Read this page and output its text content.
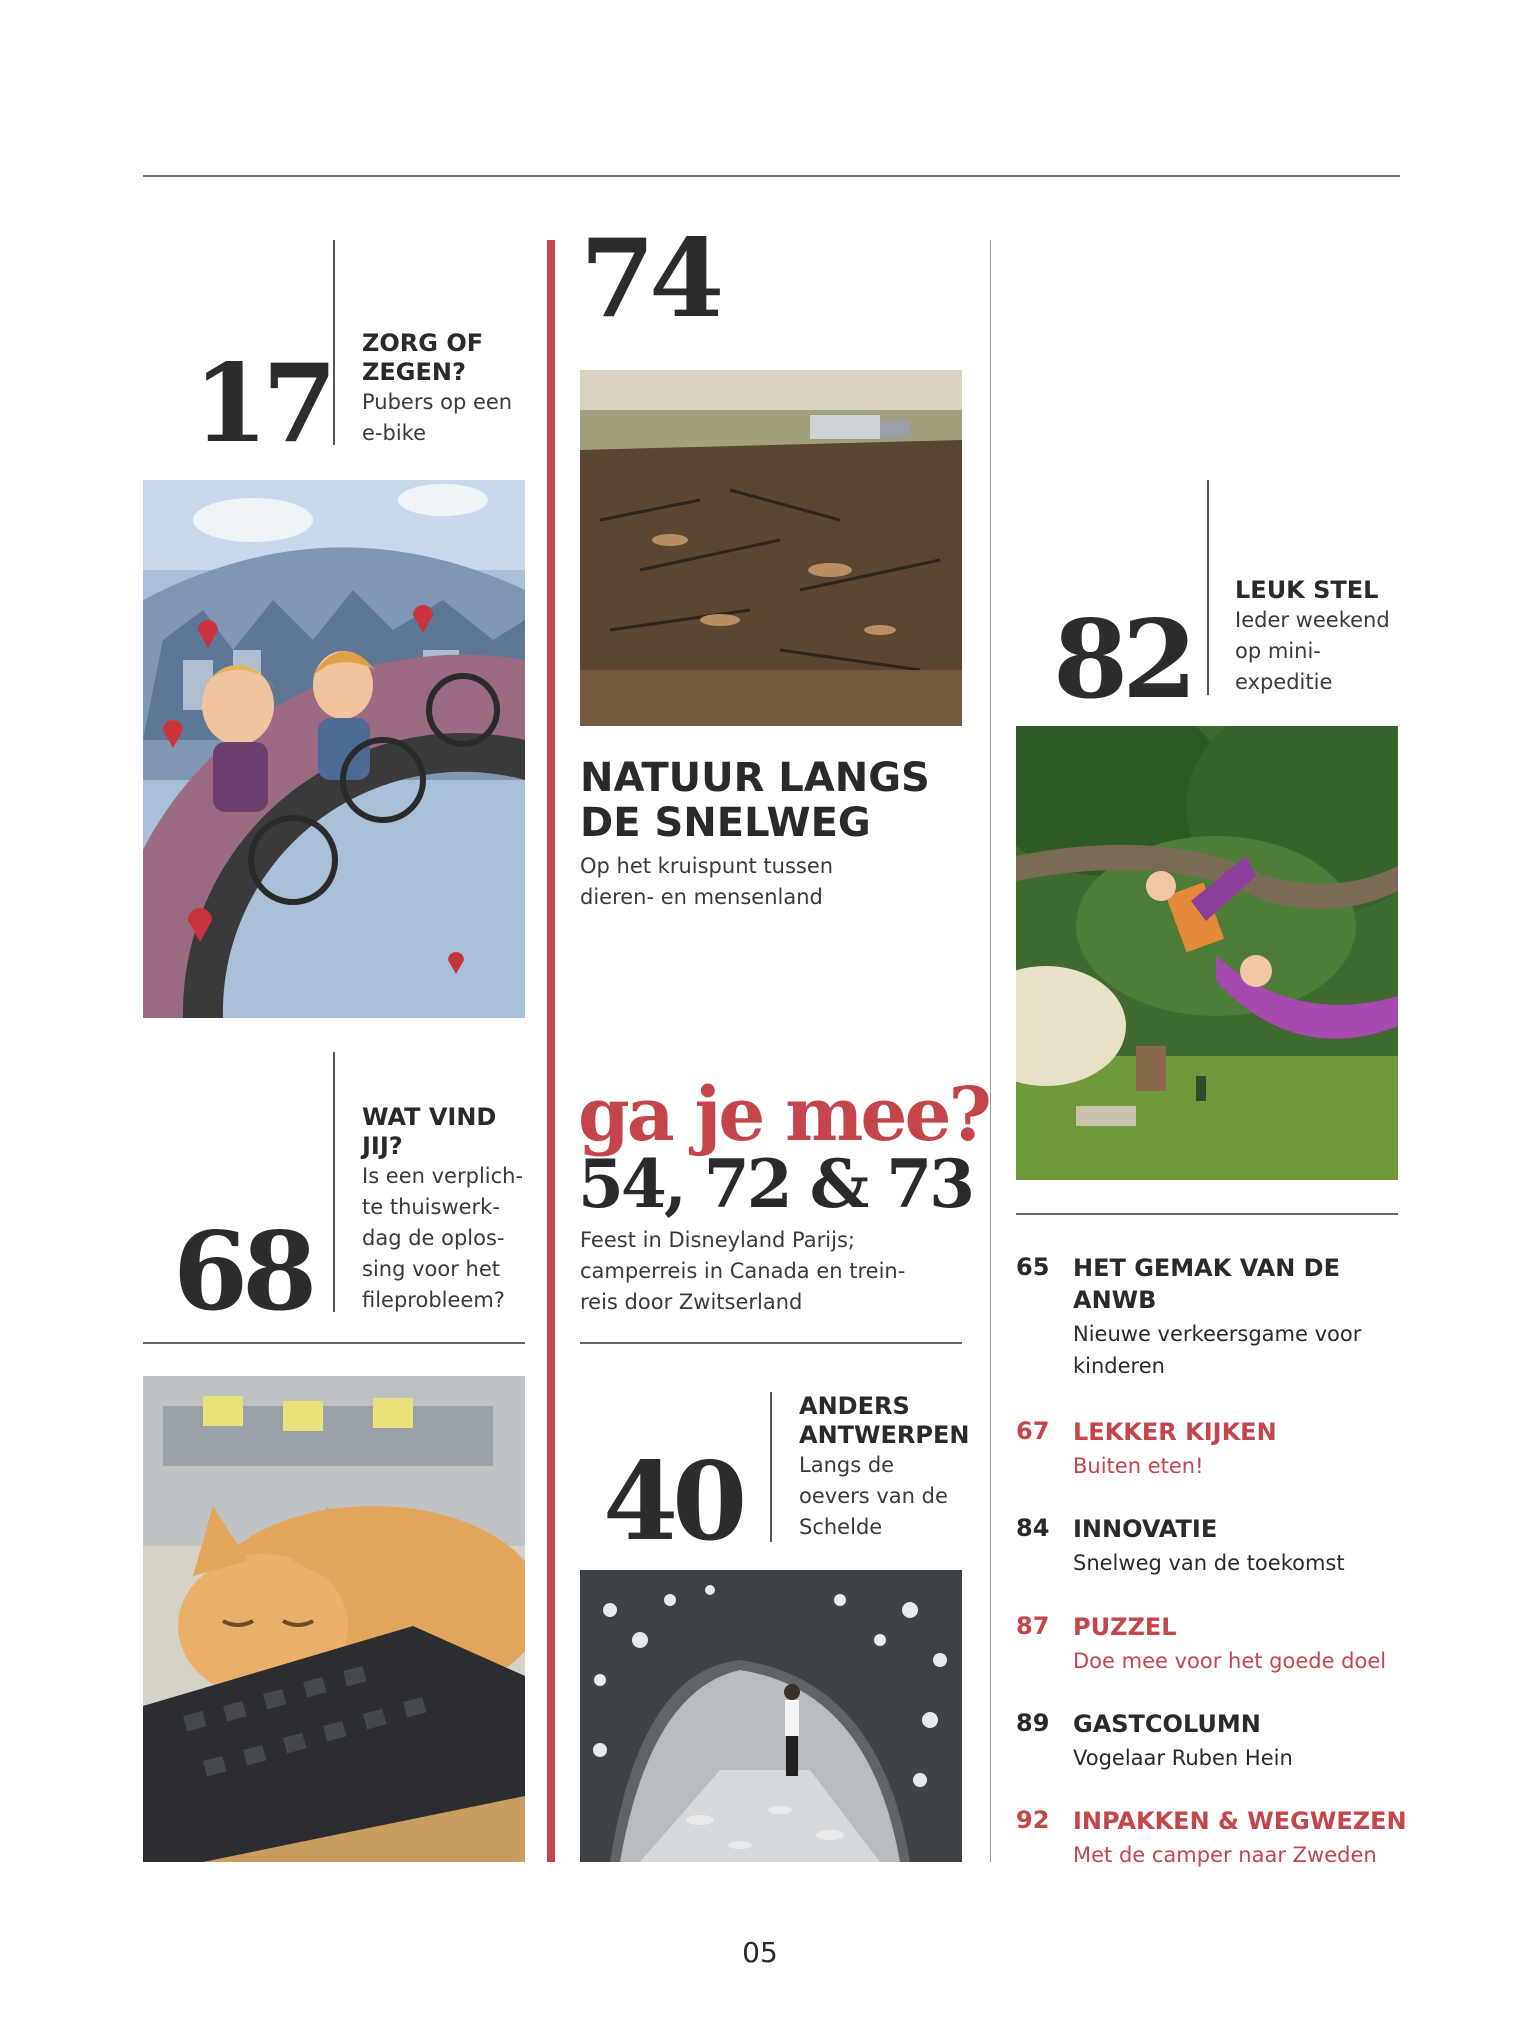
17 ZORG OF ZEGEN?
Pubers op een
e-bike
68
WAT VIND
JIJ?
Is een verplich-
te thuiswerk-
dag de oplos-
sing voor het
fileprobleem?
74
NATUUR LANGS
DE SNELWEG
Op het kruispunt tussen
dieren- en mensenland
ga je mee?
54, 72 & 73
Feest in Disneyland Parijs;
camperreis in Canada en trein-
reis door Zwitserland
40
ANDERS
ANTWERPEN
Langs de
oevers van de
Schelde
82
LEUK STEL
Ieder weekend
op mini-
expeditie
65 HET GEMAK VAN DE
ANWB
Nieuwe verkeersgame voor
kinderen
67 LEKKER KIJKEN
Buiten eten!
84 INNOVATIE
Snelweg van de toekomst
87 PUZZEL
Doe mee voor het goede doel
89 GASTCOLUMN
Vogelaar Ruben Hein
92 INPAKKEN & WEGWEZEN
Met de camper naar Zweden
05
